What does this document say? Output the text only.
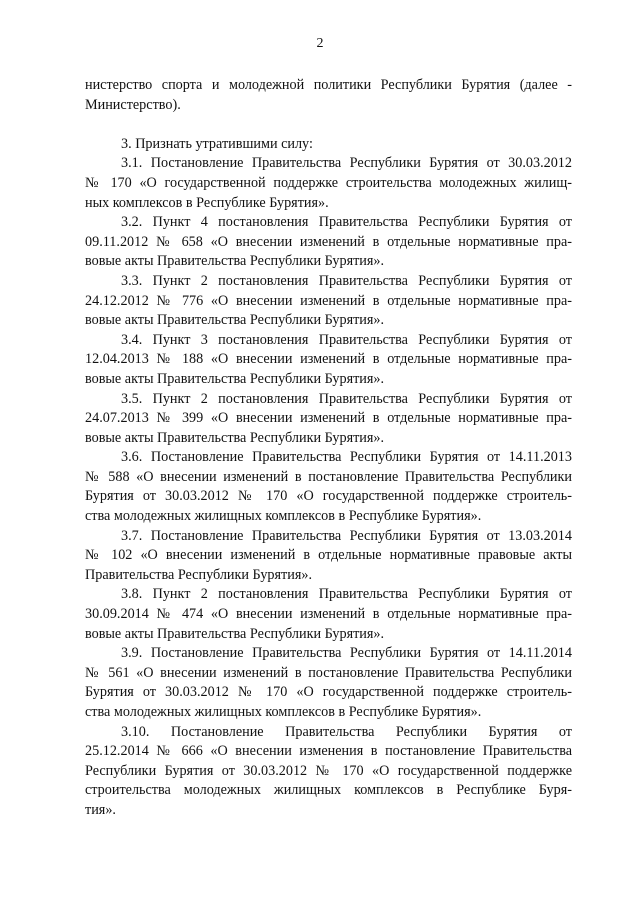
2
нистерство спорта и молодежной политики Республики Бурятия (далее -
Министерство).
3. Признать утратившими силу:
3.1. Постановление Правительства Республики Бурятия от 30.03.2012
№ 170 «О государственной поддержке строительства молодежных жилищ-
ных комплексов в Республике Бурятия».
3.2. Пункт 4 постановления Правительства Республики Бурятия от
09.11.2012 № 658 «О внесении изменений в отдельные нормативные пра-
вовые акты Правительства Республики Бурятия».
3.3. Пункт 2 постановления Правительства Республики Бурятия от
24.12.2012 № 776 «О внесении изменений в отдельные нормативные пра-
вовые акты Правительства Республики Бурятия».
3.4. Пункт 3 постановления Правительства Республики Бурятия от
12.04.2013 № 188 «О внесении изменений в отдельные нормативные пра-
вовые акты Правительства Республики Бурятия».
3.5. Пункт 2 постановления Правительства Республики Бурятия от
24.07.2013 № 399 «О внесении изменений в отдельные нормативные пра-
вовые акты Правительства Республики Бурятия».
3.6. Постановление Правительства Республики Бурятия от 14.11.2013
№ 588 «О внесении изменений в постановление Правительства Республики
Бурятия от 30.03.2012 № 170 «О государственной поддержке строитель-
ства молодежных жилищных комплексов в Республике Бурятия».
3.7. Постановление Правительства Республики Бурятия от 13.03.2014
№ 102 «О внесении изменений в отдельные нормативные правовые акты
Правительства Республики Бурятия».
3.8. Пункт 2 постановления Правительства Республики Бурятия от
30.09.2014 № 474 «О внесении изменений в отдельные нормативные пра-
вовые акты Правительства Республики Бурятия».
3.9. Постановление Правительства Республики Бурятия от 14.11.2014
№ 561 «О внесении изменений в постановление Правительства Республики
Бурятия от 30.03.2012 № 170 «О государственной поддержке строитель-
ства молодежных жилищных комплексов в Республике Бурятия».
3.10. Постановление Правительства Республики Бурятия от
25.12.2014 № 666 «О внесении изменения в постановление Правительства
Республики Бурятия от 30.03.2012 № 170 «О государственной поддержке
строительства молодежных жилищных комплексов в Республике Буря-
тия».
